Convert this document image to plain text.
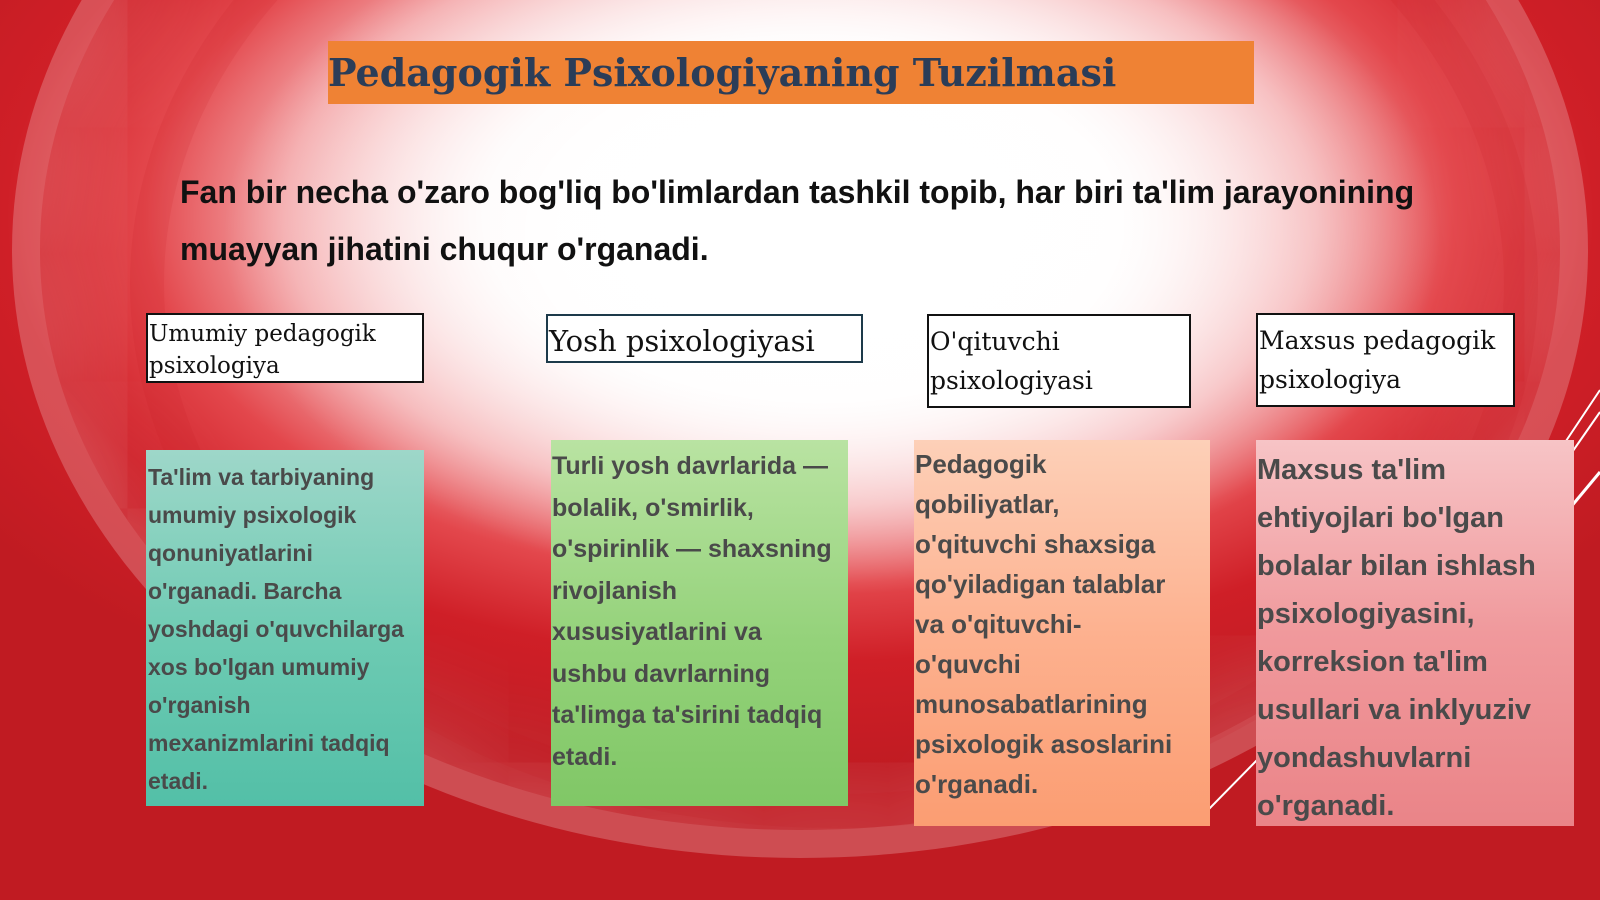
Pedagogik Psixologiyaning Tuzilmasi

Fan bir necha o'zaro bog'liq bo'limlardan tashkil topib, har biri ta'lim jarayonining muayyan jihatini chuqur o'rganadi.

Umumiy pedagogik
psixologiya
Yosh psixologiyasi	O'qituvchi
psixologiyasi
Maxsus pedagogik
psixologiya
Ta'lim va tarbiyaning
umumiy psixologik
qonuniyatlarini
o'rganadi. Barcha
yoshdagi o'quvchilarga
xos bo'lgan umumiy
o'rganish
mexanizmlarini tadqiq
etadi.
Turli yosh davrlarida —
bolalik, o'smirlik,
o'spirinlik — shaxsning
rivojlanish
xususiyatlarini va
ushbu davrlarning
ta'limga ta'sirini tadqiq
etadi.
Pedagogik
qobiliyatlar,
o'qituvchi shaxsiga
qo'yiladigan talablar
va o'qituvchi-
o'quvchi
munosabatlarining
psixologik asoslarini
o'rganadi.
Maxsus ta'lim
ehtiyojlari bo'lgan
bolalar bilan ishlash
psixologiyasini,
korreksion ta'lim
usullari va inklyuziv
yondashuvlarni
o'rganadi.
